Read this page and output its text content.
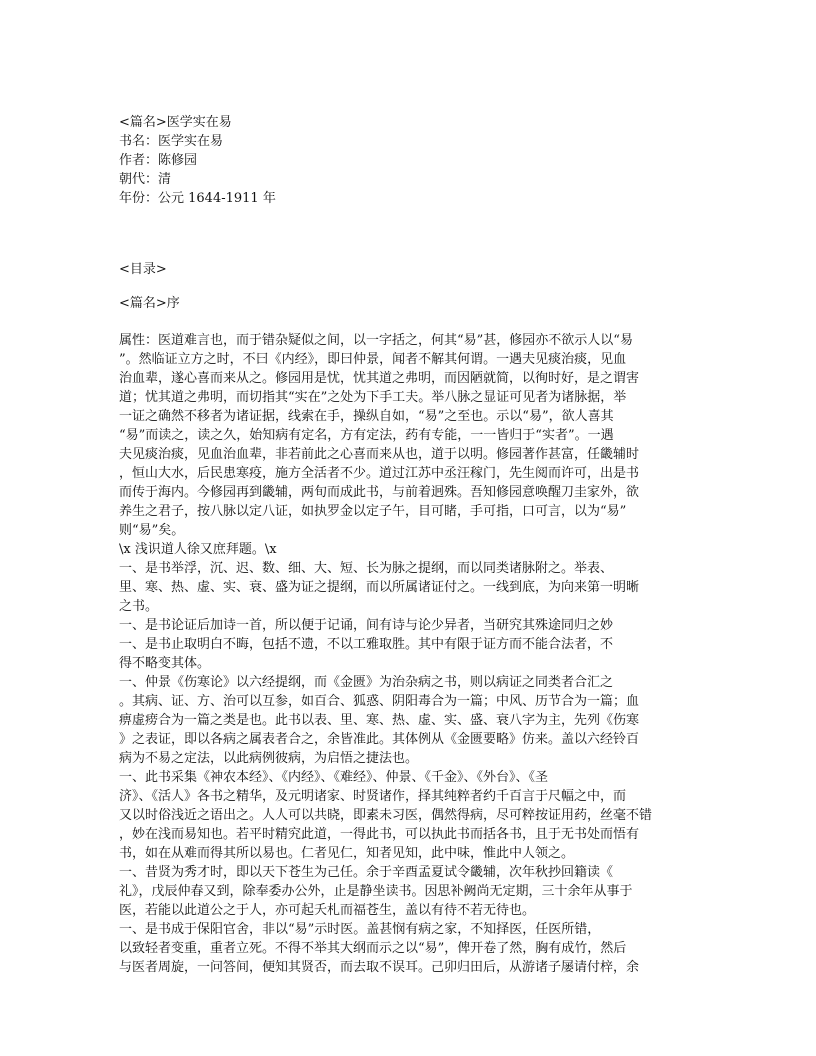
<篇名>医学实在易
书名：医学实在易
作者：陈修园
朝代：清
年份：公元 1644-1911 年
<目录>
<篇名>序
属性：医道难言也，而于错杂疑似之间，以一字括之，何其“易”甚，修园亦不欲示人以“易
”。然临证立方之时，不曰《内经》，即曰仲景，闻者不解其何谓。一遇夫见痰治痰，见血
治血辈，遂心喜而来从之。修园用是忧，忧其道之弗明，而因陋就简，以徇时好，是之谓害
道；忧其道之弗明，而切指其“实在”之处为下手工夫。举八脉之显证可见者为诸脉据，举
一证之确然不移者为诸证据，线索在手，操纵自如，“易”之至也。示以“易”，欲人喜其
“易”而读之，读之久，始知病有定名，方有定法，药有专能，一一皆归于“实者”。一遇
夫见痰治痰，见血治血辈，非若前此之心喜而来从也，道于以明。修园著作甚富，任畿辅时
，恒山大水，后民患寒疫，施方全活者不少。道过江苏中丞汪稼门，先生阅而许可，出是书
而传于海内。今修园再到畿辅，两旬而成此书，与前着迥殊。吾知修园意唤醒刀圭家外，欲
养生之君子，按八脉以定八证，如执罗金以定子午，目可睹，手可指，口可言，以为“易”
则“易”矣。
\x 浅识道人徐又庶拜题。\x
一、是书举浮，沉、迟、数、细、大、短、长为脉之提纲，而以同类诸脉附之。举表、
里、寒、热、虚、实、衰、盛为证之提纲，而以所属诸证付之。一线到底，为向来第一明晰
之书。
一、是书论证后加诗一首，所以便于记诵，间有诗与论少异者，当研究其殊途同归之妙
一、是书止取明白不晦，包括不遗，不以工雅取胜。其中有限于证方而不能合法者，不
得不略变其体。
一、仲景《伤寒论》以六经提纲，而《金匮》为治杂病之书，则以病证之同类者合汇之
。其病、证、方、治可以互参，如百合、狐惑、阴阳毒合为一篇；中风、历节合为一篇；血
痹虚痨合为一篇之类是也。此书以表、里、寒、热、虚、实、盛、衰八字为主，先列《伤寒
》之表证，即以各病之属表者合之，余皆准此。其体例从《金匮要略》仿来。盖以六经铃百
病为不易之定法，以此病例彼病，为启悟之捷法也。
一、此书采集《神农本经》、《内经》、《难经》、仲景、《千金》、《外台》、《圣
济》、《活人》各书之精华，及元明诸家、时贤诸作，择其纯粹者约千百言于尺幅之中，而
又以时俗浅近之语出之。人人可以共晓，即素未习医，偶然得病，尽可粹按证用药，丝毫不错
，妙在浅而易知也。若平时精究此道，一得此书，可以执此书而括各书，且于无书处而悟有
书，如在从难而得其所以易也。仁者见仁，知者见知，此中味，惟此中人领之。
一、昔贤为秀才时，即以天下苍生为己任。余于辛酉孟夏试令畿辅，次年秋抄回籍读《
礼》，戊辰仲春又到，除奉委办公外，止是静坐读书。因思补阙尚无定期，三十余年从事于
医，若能以此道公之于人，亦可起夭札而福苍生，盖以有待不若无待也。
一、是书成于保阳官舍，非以“易”示时医。盖甚悯有病之家，不知择医，任医所错，
以致轻者变重，重者立死。不得不举其大纲而示之以“易”，俾开卷了然，胸有成竹，然后
与医者周旋，一问答间，便知其贤否，而去取不误耳。己卯归田后，从游诸子屡请付梓，余
